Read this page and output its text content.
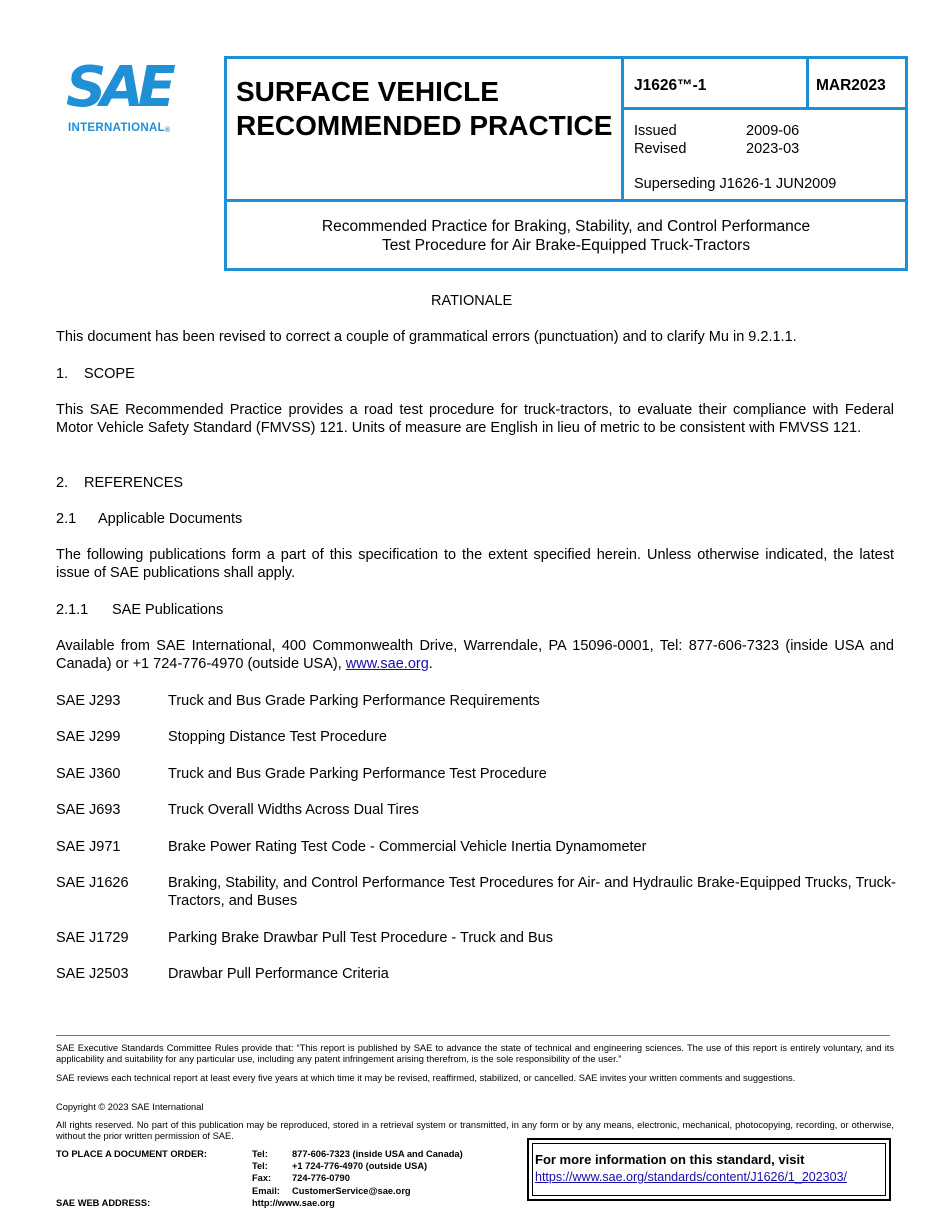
SAE
INTERNATIONAL®
SURFACE VEHICLE
RECOMMENDED PRACTICE
J1626™-1	MAR2023
Issued	2009-06
Revised	2023-03
Superseding J1626-1 JUN2009
Recommended Practice for Braking, Stability, and Control Performance
Test Procedure for Air Brake-Equipped Truck-Tractors
RATIONALE
This document has been revised to correct a couple of grammatical errors (punctuation) and to clarify Mu in 9.2.1.1.
1. SCOPE
This SAE Recommended Practice provides a road test procedure for truck-tractors, to evaluate their compliance with Federal Motor Vehicle Safety Standard (FMVSS) 121. Units of measure are English in lieu of metric to be consistent with FMVSS 121.
2. REFERENCES
2.1 Applicable Documents
The following publications form a part of this specification to the extent specified herein. Unless otherwise indicated, the latest issue of SAE publications shall apply.
2.1.1 SAE Publications
Available from SAE International, 400 Commonwealth Drive, Warrendale, PA 15096-0001, Tel: 877-606-7323 (inside USA and Canada) or +1 724-776-4970 (outside USA), www.sae.org.
SAE J293	Truck and Bus Grade Parking Performance Requirements
SAE J299	Stopping Distance Test Procedure
SAE J360	Truck and Bus Grade Parking Performance Test Procedure
SAE J693	Truck Overall Widths Across Dual Tires
SAE J971	Brake Power Rating Test Code - Commercial Vehicle Inertia Dynamometer
SAE J1626	Braking, Stability, and Control Performance Test Procedures for Air- and Hydraulic Brake-Equipped Trucks, Truck-Tractors, and Buses
SAE J1729	Parking Brake Drawbar Pull Test Procedure - Truck and Bus
SAE J2503	Drawbar Pull Performance Criteria
SAE Executive Standards Committee Rules provide that: “This report is published by SAE to advance the state of technical and engineering sciences. The use of this report is entirely voluntary, and its applicability and suitability for any particular use, including any patent infringement arising therefrom, is the sole responsibility of the user.”
SAE reviews each technical report at least every five years at which time it may be revised, reaffirmed, stabilized, or cancelled. SAE invites your written comments and suggestions.
Copyright © 2023 SAE International
All rights reserved. No part of this publication may be reproduced, stored in a retrieval system or transmitted, in any form or by any means, electronic, mechanical, photocopying, recording, or otherwise, without the prior written permission of SAE.
TO PLACE A DOCUMENT ORDER:	Tel:	877-606-7323 (inside USA and Canada)
Tel:	+1 724-776-4970 (outside USA)
Fax: 724-776-0790
Email: CustomerService@sae.org
SAE WEB ADDRESS:	http://www.sae.org
For more information on this standard, visit
https://www.sae.org/standards/content/J1626/1_202303/
